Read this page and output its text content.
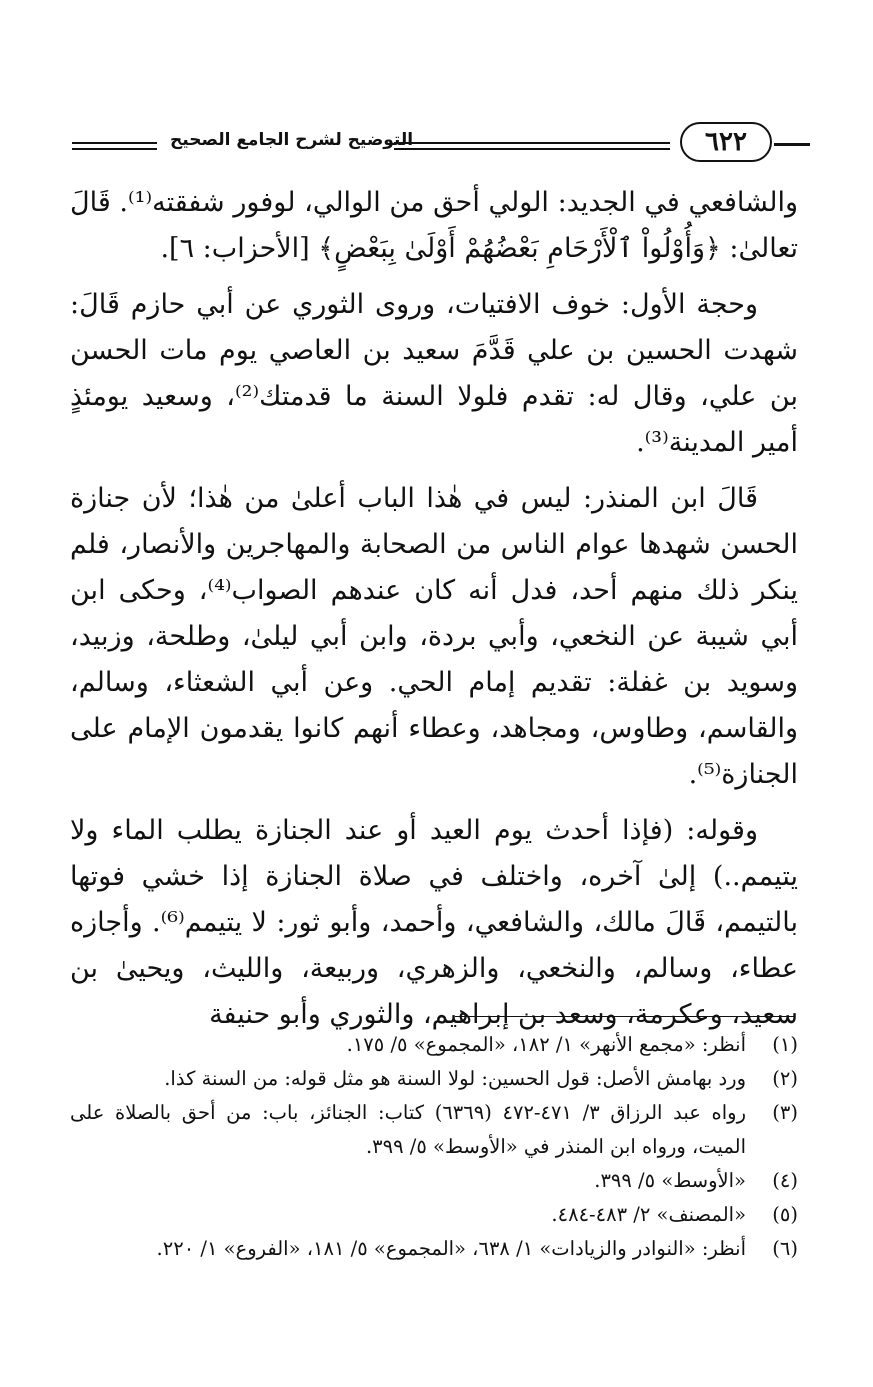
التوضيح لشرح الجامع الصحيح	٦٢٢

والشافعي في الجديد: الولي أحق من الوالي، لوفور شفقته⁽¹⁾. قَالَ تعالىٰ: ﴿وَأُوْلُواْ ٱلْأَرْحَامِ بَعْضُهُمْ أَوْلَىٰ بِبَعْضٍ﴾ [الأحزاب: ٦].

وحجة الأول: خوف الافتيات، وروى الثوري عن أبي حازم قَالَ: شهدت الحسين بن علي قَدَّمَ سعيد بن العاصي يوم مات الحسن بن علي، وقال له: تقدم فلولا السنة ما قدمتك⁽²⁾، وسعيد يومئذٍ أمير المدينة⁽³⁾.

قَالَ ابن المنذر: ليس في هٰذا الباب أعلىٰ من هٰذا؛ لأن جنازة الحسن شهدها عوام الناس من الصحابة والمهاجرين والأنصار، فلم ينكر ذلك منهم أحد، فدل أنه كان عندهم الصواب⁽⁴⁾، وحكى ابن أبي شيبة عن النخعي، وأبي بردة، وابن أبي ليلىٰ، وطلحة، وزبيد، وسويد بن غفلة: تقديم إمام الحي. وعن أبي الشعثاء، وسالم، والقاسم، وطاوس، ومجاهد، وعطاء أنهم كانوا يقدمون الإمام على الجنازة⁽⁵⁾.

وقوله: (فإذا أحدث يوم العيد أو عند الجنازة يطلب الماء ولا يتيمم..) إلىٰ آخره، واختلف في صلاة الجنازة إذا خشي فوتها بالتيمم، قَالَ مالك، والشافعي، وأحمد، وأبو ثور: لا يتيمم⁽⁶⁾. وأجازه عطاء، وسالم، والنخعي، والزهري، وربيعة، والليث، ويحيىٰ بن سعيد، وعكرمة، وسعد بن إبراهيم، والثوري وأبو حنيفة

(١)
أنظر: «مجمع الأنهر» ١/ ١٨٢، «المجموع» ٥/ ١٧٥.
(٢)
ورد بهامش الأصل: قول الحسين: لولا السنة هو مثل قوله: من السنة كذا.
(٣)
رواه عبد الرزاق ٣/ ٤٧١-٤٧٢ (٦٣٦٩) كتاب: الجنائز، باب: من أحق بالصلاة على الميت، ورواه ابن المنذر في «الأوسط» ٥/ ٣٩٩.
(٤)
«الأوسط» ٥/ ٣٩٩.
(٥)
«المصنف» ٢/ ٤٨٣-٤٨٤.
(٦)
أنظر: «النوادر والزيادات» ١/ ٦٣٨، «المجموع» ٥/ ١٨١، «الفروع» ١/ ٢٢٠.
